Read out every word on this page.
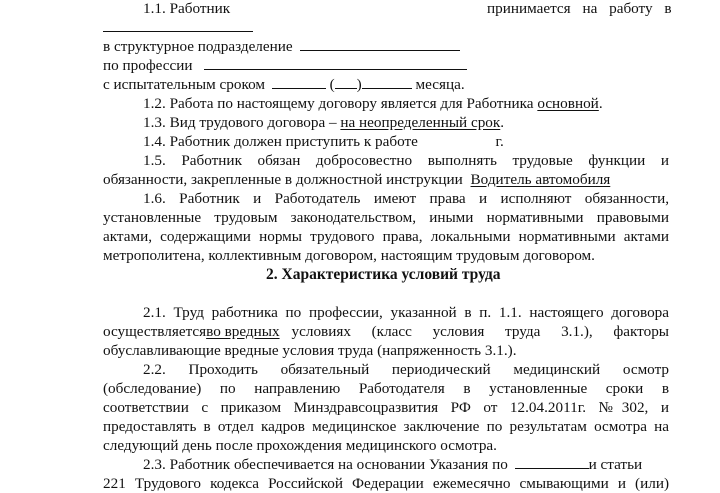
1.1. Работник	принимается на работу в
в структурное подразделение
по профессии
с испытательным сроком	( )	месяца.
1.2. Работа по настоящему договору является для Работника основной.
1.3. Вид трудового договора – на неопределенный срок.
1.4. Работник должен приступить к работе	г.
1.5. Работник обязан добросовестно выполнять трудовые функции и
обязанности, закрепленные в должностной инструкции Водитель автомобиля
1.6. Работник и Работодатель имеют права и исполняют обязанности,
установленные трудовым законодательством, иными нормативными правовыми
актами, содержащими нормы трудового права, локальными нормативными актами
метрополитена, коллективным договором, настоящим трудовым договором.
2. Характеристика условий труда
2.1. Труд работника по профессии, указанной в п. 1.1. настоящего договора
осуществляется во вредных условиях (класс условия труда 3.1.), факторы
обуславливающие вредные условия труда (напряженность 3.1.).
2.2. Проходить обязательный периодический медицинский осмотр
(обследование) по направлению Работодателя в установленные сроки в
соответствии с приказом Минздравсоцразвития РФ от 12.04.2011г. №302, и
предоставлять в отдел кадров медицинское заключение по результатам осмотра на
следующий день после прохождения медицинского осмотра.
2.3. Работник обеспечивается на основании Указания по	и статьи
221 Трудового кодекса Российской Федерации ежемесячно смывающими и (или)
